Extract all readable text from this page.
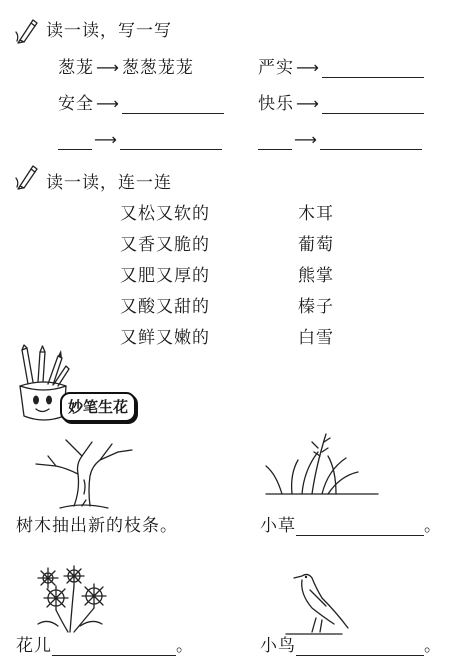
读一读，写一写
葱茏 ⟶ 葱葱茏茏	严实 ⟶
安全 ⟶	快乐 ⟶
⟶	⟶
读一读，连一连
又松又软的
又香又脆的
又肥又厚的
又酸又甜的
又鲜又嫩的
木耳
葡萄
熊掌
榛子
白雪
妙笔生花
树木抽出新的枝条。	小草	。
花儿	。	小鸟	。
